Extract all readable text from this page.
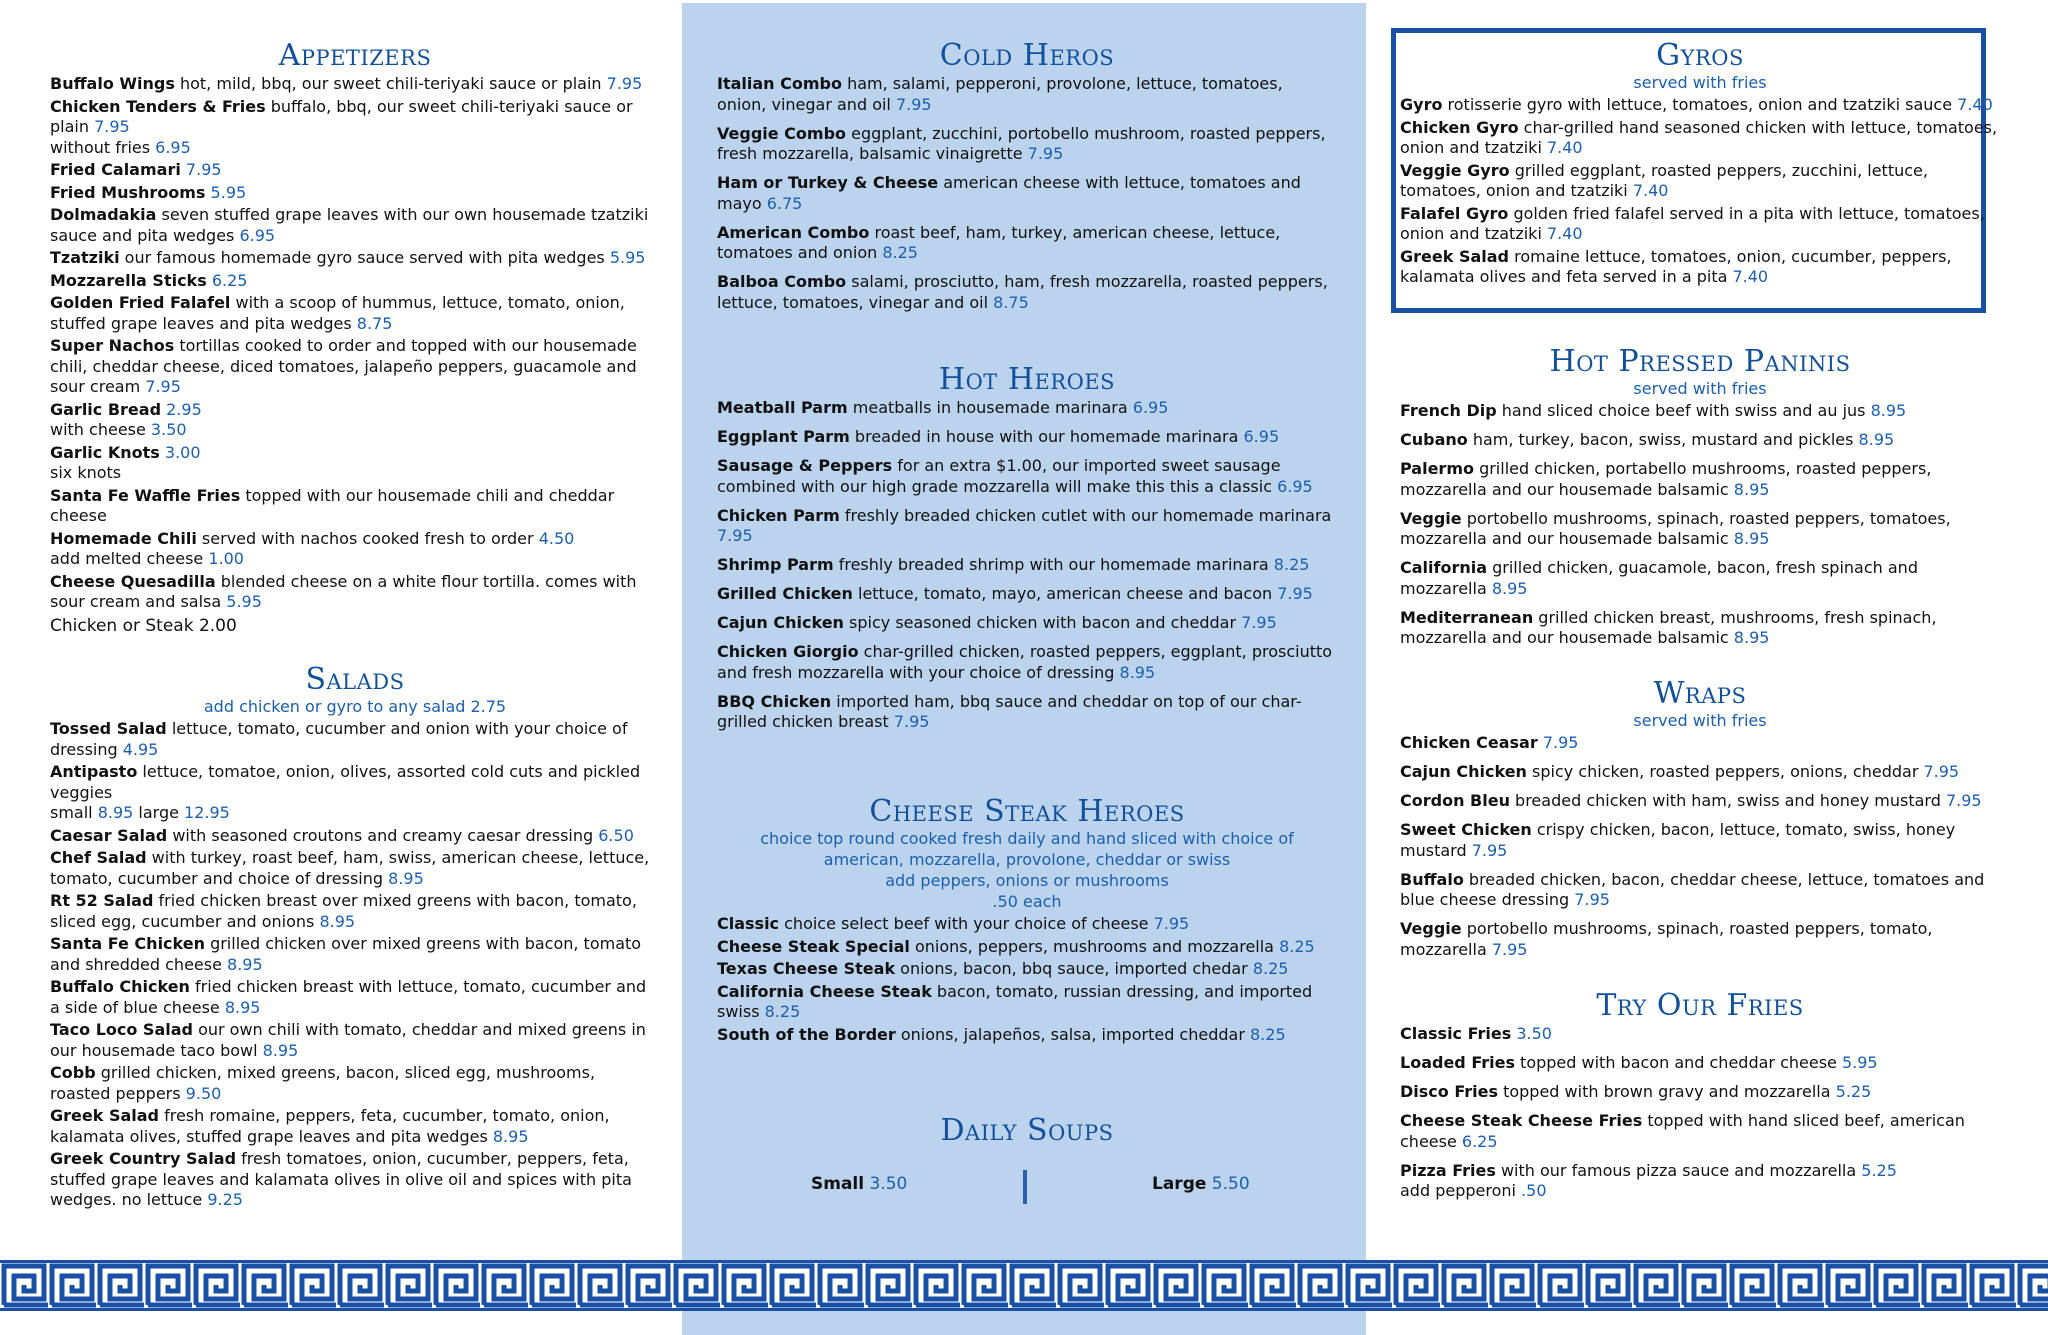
Appetizers
Buffalo Wings hot, mild, bbq, our sweet chili-teriyaki sauce or plain 7.95
Chicken Tenders & Fries buffalo, bbq, our sweet chili-teriyaki sauce or plain 7.95
without fries 6.95
Fried Calamari 7.95
Fried Mushrooms 5.95
Dolmadakia seven stuffed grape leaves with our own housemade tzatziki sauce and pita wedges 6.95
Tzatziki our famous homemade gyro sauce served with pita wedges 5.95
Mozzarella Sticks 6.25
Golden Fried Falafel with a scoop of hummus, lettuce, tomato, onion, stuffed grape leaves and pita wedges 8.75
Super Nachos tortillas cooked to order and topped with our housemade chili, cheddar cheese, diced tomatoes, jalapeño peppers, guacamole and sour cream 7.95
Garlic Bread 2.95
with cheese 3.50
Garlic Knots 3.00
six knots
Santa Fe Waffle Fries topped with our housemade chili and cheddar cheese
Homemade Chili served with nachos cooked fresh to order 4.50
add melted cheese 1.00
Cheese Quesadilla blended cheese on a white flour tortilla. comes with sour cream and salsa 5.95
Chicken or Steak 2.00
Salads
add chicken or gyro to any salad 2.75
Tossed Salad lettuce, tomato, cucumber and onion with your choice of dressing 4.95
Antipasto lettuce, tomatoe, onion, olives, assorted cold cuts and pickled veggies
small 8.95 large 12.95
Caesar Salad with seasoned croutons and creamy caesar dressing 6.50
Chef Salad with turkey, roast beef, ham, swiss, american cheese, lettuce, tomato, cucumber and choice of dressing 8.95
Rt 52 Salad fried chicken breast over mixed greens with bacon, tomato, sliced egg, cucumber and onions 8.95
Santa Fe Chicken grilled chicken over mixed greens with bacon, tomato and shredded cheese 8.95
Buffalo Chicken fried chicken breast with lettuce, tomato, cucumber and a side of blue cheese 8.95
Taco Loco Salad our own chili with tomato, cheddar and mixed greens in our housemade taco bowl 8.95
Cobb grilled chicken, mixed greens, bacon, sliced egg, mushrooms, roasted peppers 9.50
Greek Salad fresh romaine, peppers, feta, cucumber, tomato, onion, kalamata olives, stuffed grape leaves and pita wedges 8.95
Greek Country Salad fresh tomatoes, onion, cucumber, peppers, feta, stuffed grape leaves and kalamata olives in olive oil and spices with pita wedges. no lettuce 9.25
Cold Heros
Italian Combo ham, salami, pepperoni, provolone, lettuce, tomatoes, onion, vinegar and oil 7.95
Veggie Combo eggplant, zucchini, portobello mushroom, roasted peppers, fresh mozzarella, balsamic vinaigrette 7.95
Ham or Turkey & Cheese american cheese with lettuce, tomatoes and mayo 6.75
American Combo roast beef, ham, turkey, american cheese, lettuce, tomatoes and onion 8.25
Balboa Combo salami, prosciutto, ham, fresh mozzarella, roasted peppers, lettuce, tomatoes, vinegar and oil 8.75
Hot Heroes
Meatball Parm meatballs in housemade marinara 6.95
Eggplant Parm breaded in house with our homemade marinara 6.95
Sausage & Peppers for an extra $1.00, our imported sweet sausage combined with our high grade mozzarella will make this this a classic 6.95
Chicken Parm freshly breaded chicken cutlet with our homemade marinara 7.95
Shrimp Parm freshly breaded shrimp with our homemade marinara 8.25
Grilled Chicken lettuce, tomato, mayo, american cheese and bacon 7.95
Cajun Chicken spicy seasoned chicken with bacon and cheddar 7.95
Chicken Giorgio char-grilled chicken, roasted peppers, eggplant, prosciutto and fresh mozzarella with your choice of dressing 8.95
BBQ Chicken imported ham, bbq sauce and cheddar on top of our char-grilled chicken breast 7.95
Cheese Steak Heroes
choice top round cooked fresh daily and hand sliced with choice of
american, mozzarella, provolone, cheddar or swiss
add peppers, onions or mushrooms
.50 each
Classic choice select beef with your choice of cheese 7.95
Cheese Steak Special onions, peppers, mushrooms and mozzarella 8.25
Texas Cheese Steak onions, bacon, bbq sauce, imported chedar 8.25
California Cheese Steak bacon, tomato, russian dressing, and imported swiss 8.25
South of the Border onions, jalapeños, salsa, imported cheddar 8.25
Daily Soups
Small 3.50	Large 5.50
Gyros
served with fries
Gyro rotisserie gyro with lettuce, tomatoes, onion and tzatziki sauce 7.40
Chicken Gyro char-grilled hand seasoned chicken with lettuce, tomatoes, onion and tzatziki 7.40
Veggie Gyro grilled eggplant, roasted peppers, zucchini, lettuce, tomatoes, onion and tzatziki 7.40
Falafel Gyro golden fried falafel served in a pita with lettuce, tomatoes, onion and tzatziki 7.40
Greek Salad romaine lettuce, tomatoes, onion, cucumber, peppers, kalamata olives and feta served in a pita 7.40
Hot Pressed Paninis
served with fries
French Dip hand sliced choice beef with swiss and au jus 8.95
Cubano ham, turkey, bacon, swiss, mustard and pickles 8.95
Palermo grilled chicken, portabello mushrooms, roasted peppers, mozzarella and our housemade balsamic 8.95
Veggie portobello mushrooms, spinach, roasted peppers, tomatoes, mozzarella and our housemade balsamic 8.95
California grilled chicken, guacamole, bacon, fresh spinach and mozzarella 8.95
Mediterranean grilled chicken breast, mushrooms, fresh spinach, mozzarella and our housemade balsamic 8.95
Wraps
served with fries
Chicken Ceasar 7.95
Cajun Chicken spicy chicken, roasted peppers, onions, cheddar 7.95
Cordon Bleu breaded chicken with ham, swiss and honey mustard 7.95
Sweet Chicken crispy chicken, bacon, lettuce, tomato, swiss, honey mustard 7.95
Buffalo breaded chicken, bacon, cheddar cheese, lettuce, tomatoes and blue cheese dressing 7.95
Veggie portobello mushrooms, spinach, roasted peppers, tomato, mozzarella 7.95
Try Our Fries
Classic Fries 3.50
Loaded Fries topped with bacon and cheddar cheese 5.95
Disco Fries topped with brown gravy and mozzarella 5.25
Cheese Steak Cheese Fries topped with hand sliced beef, american cheese 6.25
Pizza Fries with our famous pizza sauce and mozzarella 5.25
add pepperoni .50
